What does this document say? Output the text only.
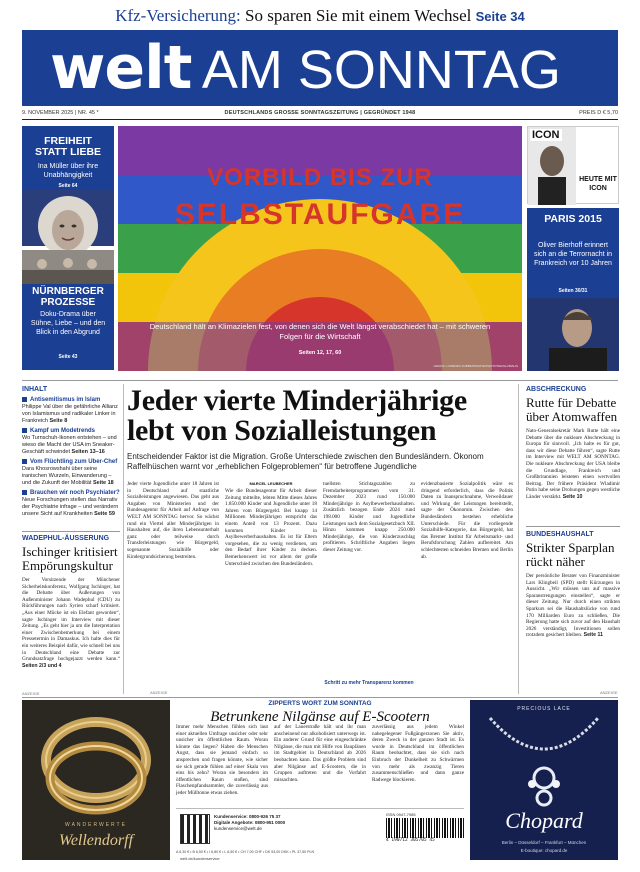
Kfz-Versicherung: So sparen Sie mit einem Wechsel Seite 34
welt AM SONNTAG
9. NOVEMBER 2025 | NR. 45 *	DEUTSCHLANDS GROSSE SONNTAGSZEITUNG | GEGRÜNDET 1948	PREIS D € 5,70
FREIHEIT STATT LIEBE
Ina Müller über ihre Unabhängigkeit
Seite 64
NÜRNBERGER PROZESSE
Doku-Drama über Sühne, Liebe – und den Blick in den Abgrund
Seite 43
VORBILD BIS ZUR
SELBSTAUFGABE
Deutschland hält an Klimazielen fest, von denen sich die Welt längst verabschiedet hat – mit schweren Folgen für die Wirtschaft
Seiten 12, 17, 60
GRAFIK: LORENZO ZUBBE/PRIVATE/PHOTOTEK/GLOBALIS
ICON
HEUTE MIT ICON
PARIS 2015
Oliver Bierhoff erinnert sich an die Terrornacht in Frankreich vor 10 Jahren
Seiten 30/31
INHALT
Antisemitismus im Islam
Philippe Val über die gefährliche Allianz von Islamismus und radikaler Linker in Frankreich Seite 8
Kampf um Modetrends
Wo Turnschuh-Ikonen entstehen – und wieso die Macht der USA im Sneaker-Geschäft schwindet Seiten 13–16
Vom Flüchtling zum Uber-Chef
Dara Khosrowshahi über seine iranischen Wurzeln, Einwanderung – und die Zukunft der Mobilität Seite 18
Brauchen wir noch Psychiater?
Neue Forschungen stellen das Narrativ der Psychiatrie infrage – und verändern unsere Sicht auf Krankheiten Seite 59
WADEPHUL-ÄUSSERUNG
Ischinger kritisiert Empörungskultur

Der Vorsitzende der Münchener Sicherheitskonferenz, Wolfgang Ischinger, hat die Debatte über Äußerungen von Außenminister Johann Wadephul (CDU) zu Rückführungen nach Syrien scharf kritisiert. „Aus einer Mücke ist ein Elefant geworden“, sagte Ischinger im Interview mit dieser Zeitung. „Es geht hier ja um die Interpretation einer Zwischenbemerkung bei einem Pressetermin in Damaskus. Ich halte dies für ein weiteres Beispiel dafür, wie schnell bei uns in Deutschland eine Debatte zur Grundsatzfrage hochgejazzt werden kann.“ Seiten 2/3 und 4

Jeder vierte Minderjährige
lebt von Sozialleistungen
Entscheidender Faktor ist die Migration. Große Unterschiede zwischen den Bundesländern. Ökonom Raffelhüschen warnt vor „erheblichen Folgeproblemen“ für betroffene Jugendliche

Jeder vierte Jugendliche unter 18 Jahren ist in Deutschland auf staatliche Sozialleistungen angewiesen. Das geht aus Angaben von Ministerien und der Bundesagentur für Arbeit auf Anfrage von WELT AM SONNTAG hervor. So wächst rund ein Viertel aller Minderjährigen in Haushalten auf, die ihren Lebensunterhalt ganz oder teilweise durch Transferleistungen wie Bürgergeld, sogenannte Sozialhilfe oder Kindergrundsicherung bestreiten.

MARCEL LEUBECHER

Wie die Bundesagentur für Arbeit dieser Zeitung mitteilte, lebten Mitte dieses Jahres 1.850.000 Kinder und Jugendliche unter 18 Jahren vom Bürgergeld. Bei knapp 14 Millionen Minderjährigen entspricht das einem Anteil von 13 Prozent. Dazu kommen Kinder in Asylbewerberhaushalten. Es ist für Eltern vorgesehen, die zu wenig verdienen, um den Bedarf ihrer Kinder zu decken. Bemerkenswert ist vor allem der große Unterschied zwischen den Bundesländern.

tuellsten Stichtagszahlen zu Fremdarbeiterprogrammen vom 31. Dezember 2023 rund 150.000 Minderjährige in Asylbewerberhaushalten. Zusätzlich bezogen Ende 2024 rund 198.000 Kinder und Jugendliche Leistungen nach dem Sozialgesetzbuch XII. Hinzu kommen knapp 250.000 Minderjährige, die von Kinderzuschlag profitieren. Schriftliche Angaben liegen dieser Zeitung vor.

evidenzbasierte Sozialpolitik wäre es dringend erforderlich, dass die Politik Daten zu Inanspruchnahme, Verweildauer und Wirkung der Leistungen bereitstellt, sagte der Ökonomin. Zwischen den Bundesländern bestehen erhebliche Unterschiede. Für die vorliegende Sozialhilfe-Kategorie, das Bürgergeld, hat das Bremer Institut für Arbeitsmarkt- und Berufsforschung Zahlen aufbereitet. Am schlechtesten schneiden Bremen und Berlin ab.

Schritt zu mehr Transparenz kommen
ABSCHRECKUNG
Rutte für Debatte über Atomwaffen

Nato-Generalsekretär Mark Rutte hält eine Debatte über die nukleare Abschreckung in Europa für sinnvoll. „Ich halte es für gut, dass wir diese Debatte führen“, sagte Rutte im Interview mit WELT AM SONNTAG. Die nukleare Abschreckung der USA bleibe die Grundlage, Frankreich und Großbritannien leisteten einen wertvollen Beitrag. Der frühere Präsident Wladimir Putin habe seine Drohungen gegen westliche Länder verstärkt. Seite 10

BUNDESHAUSHALT
Strikter Sparplan rückt näher

Der persönliche Berater von Finanzminister Lars Klingbeil (SPD) stellt Kürzungen in Aussicht. „Wir müssen uns auf massive Sparanstrengungen einstellen“, sagte er dieser Zeitung. Nur durch einen strikten Sparkurs sei die Haushaltslücke von rund 170 Milliarden Euro zu schließen. Die Regierung hatte sich zuvor auf den Haushalt 2026 verständigt, Investitionen sollen trotzdem gesichert bleiben. Seite 11

ANZEIGE
WANDERWERTE
Wellendorff
ANZEIGE
ZIPPERTS WORT ZUM SONNTAG
Betrunkene Nilgänse auf E-Scootern

Immer mehr Menschen fühlen sich laut einer aktuellen Umfrage unsicher oder sehr unsicher im öffentlichen Raum. Woran könnte das liegen? Haben die Menschen Angst, dass sie jemand einfach so ansprechen und fragen könnte, wie sicher sie sich gerade fühlen auf einer Skala von eins bis zehn? Woran sie besonders im öffentlichen Raum stoßen, sind Flaschenpfandsammler, die zuverlässig aus jeder Mülltonne etwas ziehen.

auf der Lauerstraße hält und ihr man anscheinend nur alkoholisiert unterwegs ist. Ein anderer Grund für eine eingeschränkte Nilgänse, die man mit Hilfe von Bauplänen im Stadtgebiet in Deutschland ab 2026 beobachten kann. Das größte Problem sind aber Nilgänse auf E-Scootern, die in Gruppen auftreten und die Vorfahrt missachten.

zuverlässig aus jedem Winkel nahegelegener Fußgängerzonen Sie aktiv, deren Zweck in der ganzen Stadt ist. Es wurde in Deutschland im öffentlichen Raum beobachtet, dass sie sich nach Einbruch der Dunkelheit zu Schwärmen von mehr als zwanzig Tieren zusammenschließen und dann ganze Radwege blockieren.

Kundenservice: 0800-926 75 37
Digitale Angebote: 0800-951 0000
kundenservice@welt.de
ISSN 0947-7985
4 190712 305705 45
A 6,30 € • B 6,50 € • I 6,80 € • L 6,50 € • CH 7,00 CHF • DK 53,00 DKK • PL 37,50 PLN
welt.de/kundenservice
ANZEIGE
PRECIOUS LACE
Chopard
Berlin – Düsseldorf – Frankfurt – München
E-boutique: chopard.de
